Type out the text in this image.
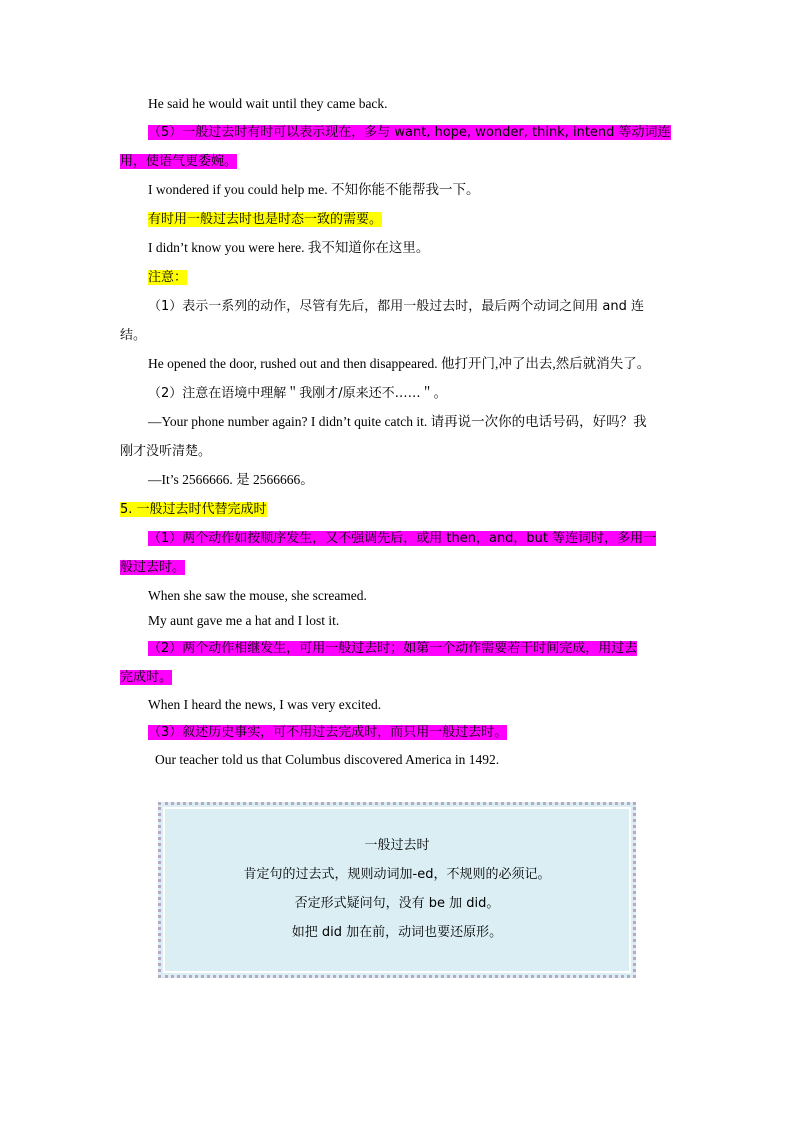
He said he would wait until they came back.
（5）一般过去时有时可以表示现在，多与 want, hope, wonder, think, intend 等动词连
用，使语气更委婉。
I wondered if you could help me. 不知你能不能帮我一下。
有时用一般过去时也是时态一致的需要。
I didn’t know you were here. 我不知道你在这里。
注意：
（1）表示一系列的动作，尽管有先后，都用一般过去时，最后两个动词之间用 and 连
结。
He opened the door, rushed out and then disappeared. 他打开门,冲了出去,然后就消失了。
（2）注意在语境中理解＂我刚才/原来还不……＂。
—Your phone number again? I didn’t quite catch it. 请再说一次你的电话号码，好吗？我
刚才没听清楚。
—It’s 2566666. 是 2566666。
5. 一般过去时代替完成时
（1）两个动作如按顺序发生，又不强调先后，或用 then，and，but 等连词时，多用一
般过去时。
When she saw the mouse, she screamed.
My aunt gave me a hat and I lost it.
（2）两个动作相继发生，可用一般过去时；如第一个动作需要若干时间完成，用过去
完成时。
When I heard the news, I was very excited.
（3）叙述历史事实，可不用过去完成时，而只用一般过去时。
Our teacher told us that Columbus discovered America in 1492.
一般过去时
肯定句的过去式，规则动词加-ed，不规则的必须记。
否定形式疑问句，没有 be 加 did。
如把 did 加在前，动词也要还原形。
